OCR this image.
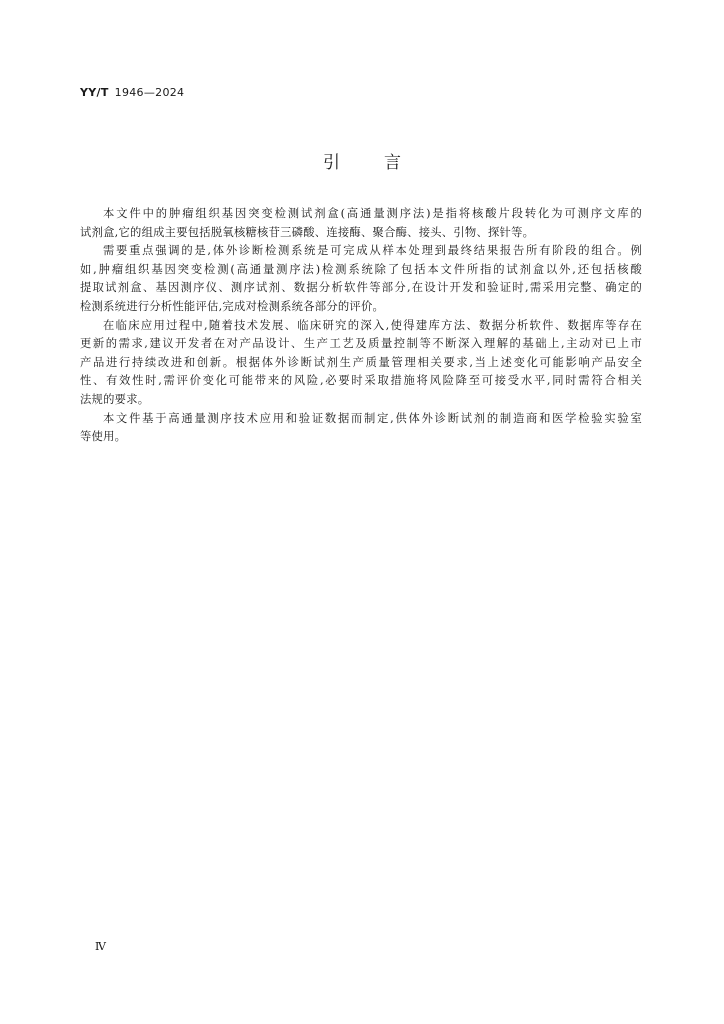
YY/T 1946—2024
引	言
本文件中的肿瘤组织基因突变检测试剂盒(高通量测序法)是指将核酸片段转化为可测序文库的
试剂盒,它的组成主要包括脱氧核糖核苷三磷酸、连接酶、聚合酶、接头、引物、探针等。
需要重点强调的是,体外诊断检测系统是可完成从样本处理到最终结果报告所有阶段的组合。例
如,肿瘤组织基因突变检测(高通量测序法)检测系统除了包括本文件所指的试剂盒以外,还包括核酸
提取试剂盒、基因测序仪、测序试剂、数据分析软件等部分,在设计开发和验证时,需采用完整、确定的
检测系统进行分析性能评估,完成对检测系统各部分的评价。
在临床应用过程中,随着技术发展、临床研究的深入,使得建库方法、数据分析软件、数据库等存在
更新的需求,建议开发者在对产品设计、生产工艺及质量控制等不断深入理解的基础上,主动对已上市
产品进行持续改进和创新。根据体外诊断试剂生产质量管理相关要求,当上述变化可能影响产品安全
性、有效性时,需评价变化可能带来的风险,必要时采取措施将风险降至可接受水平,同时需符合相关
法规的要求。
本文件基于高通量测序技术应用和验证数据而制定,供体外诊断试剂的制造商和医学检验实验室
等使用。
Ⅳ
